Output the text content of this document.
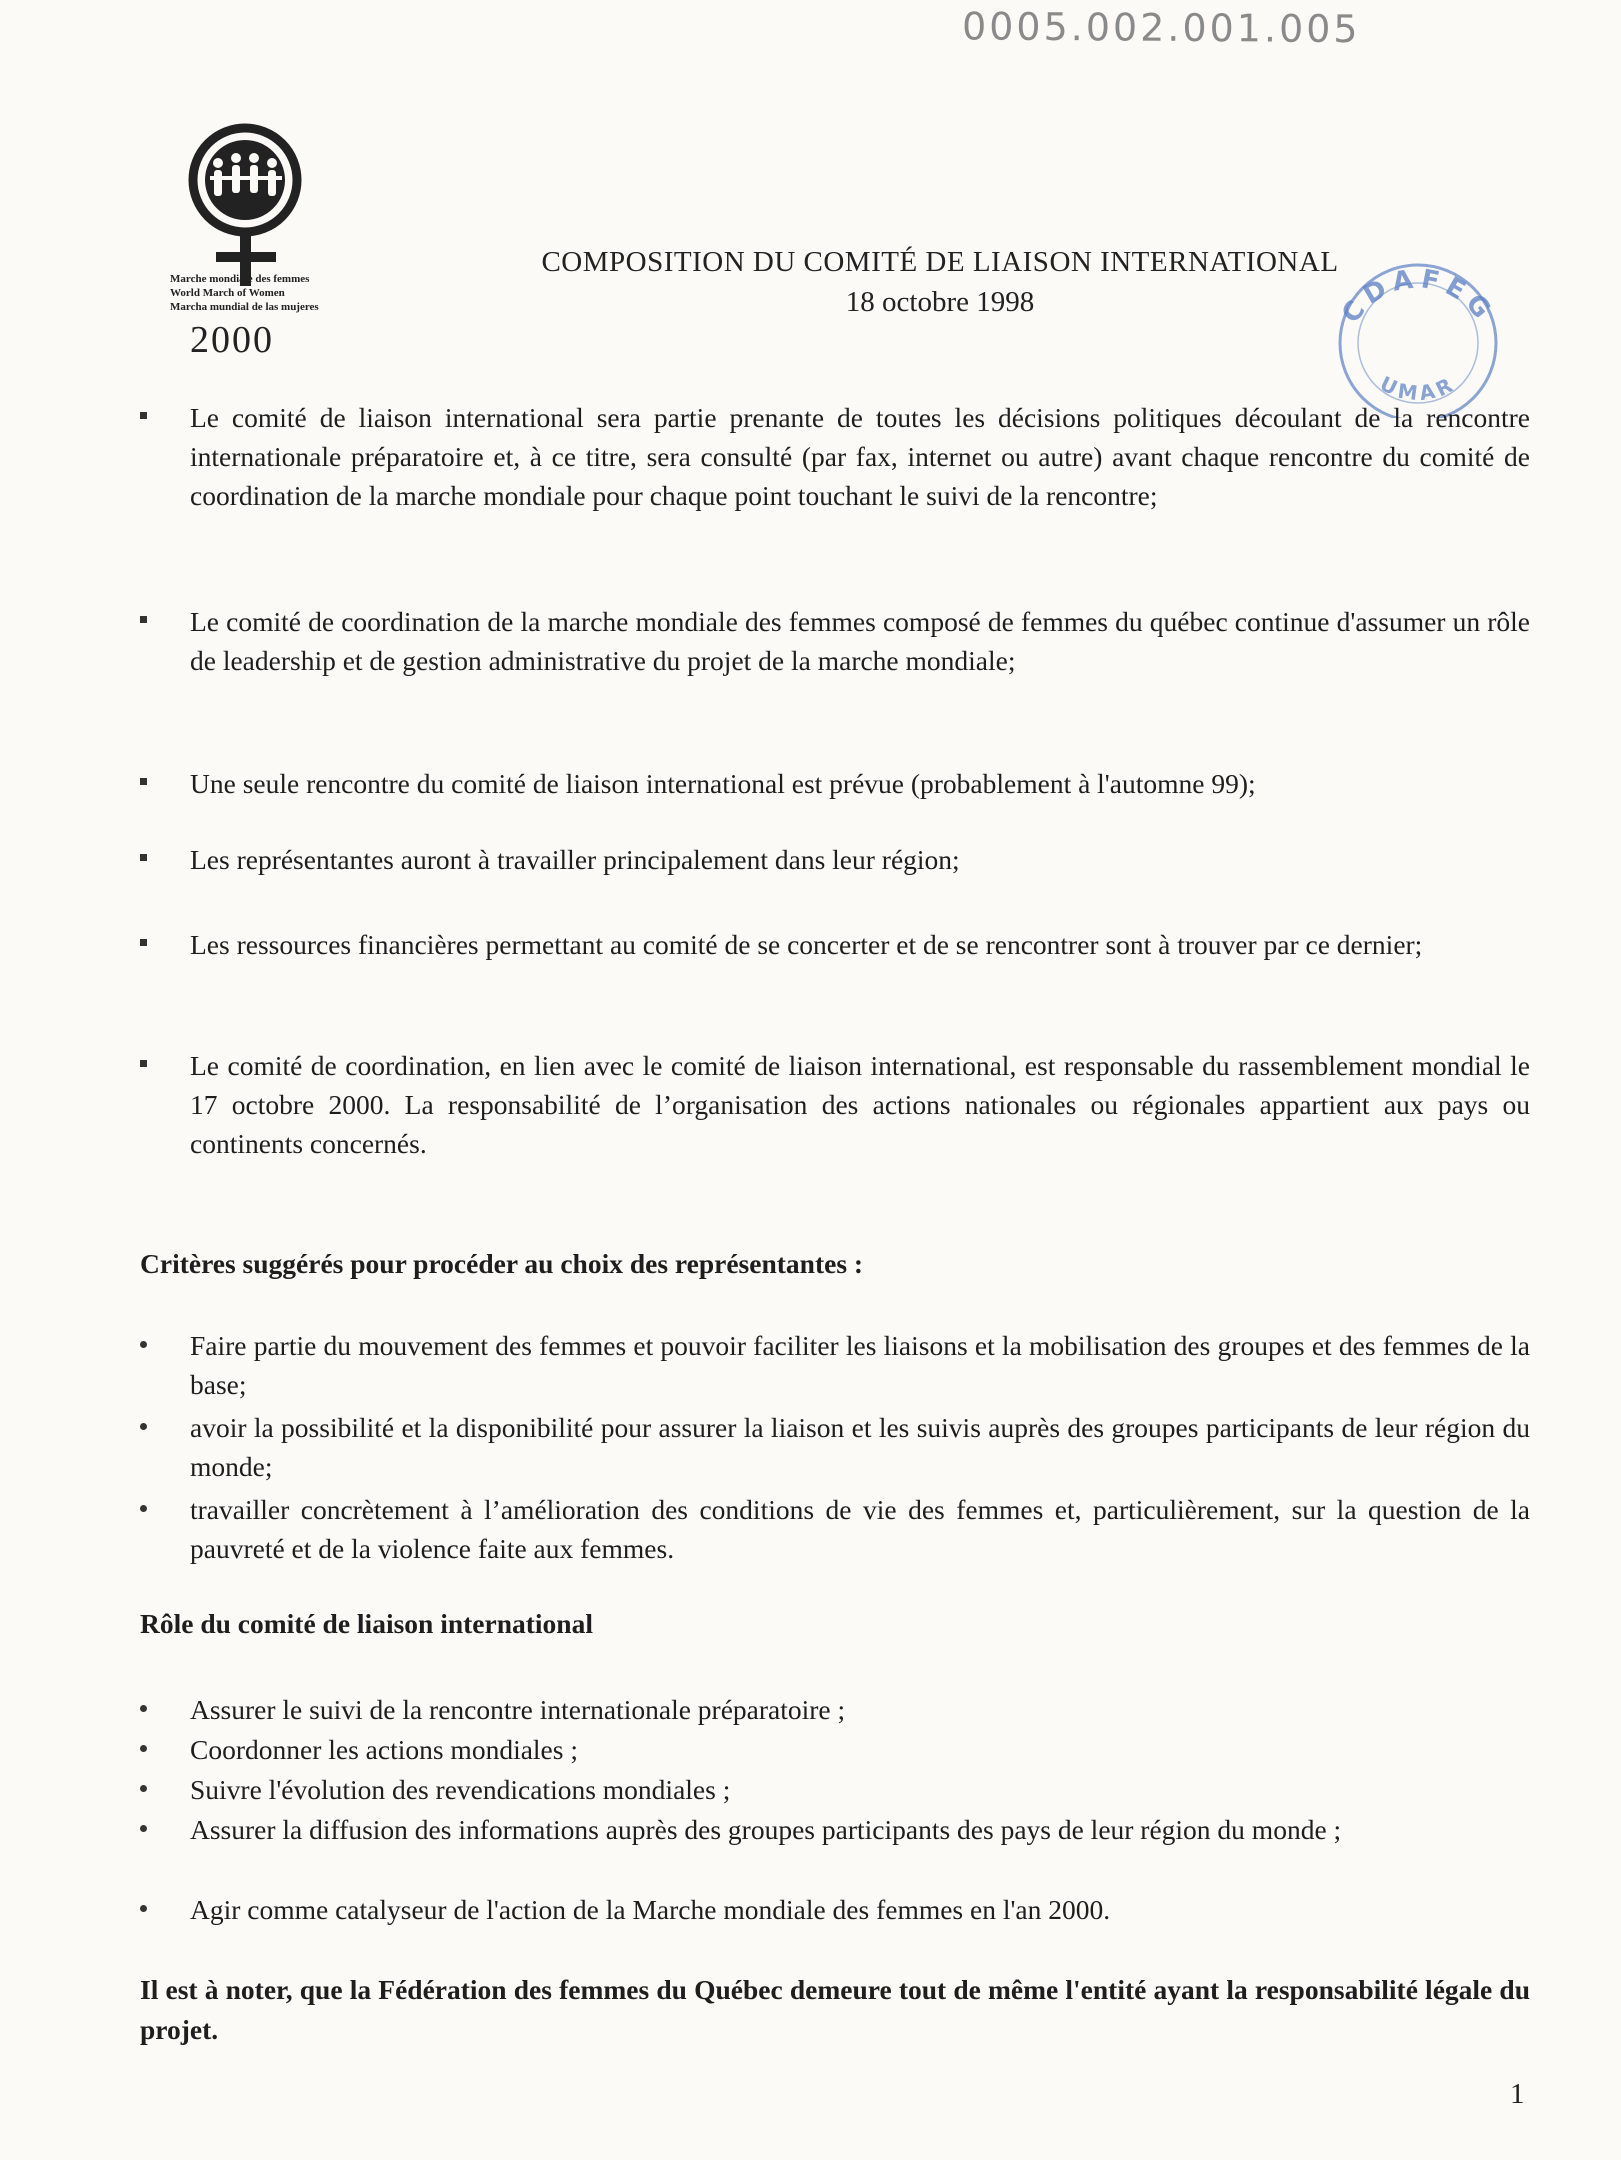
0005.002.001.005
Marche mondiale des femmes
World March of Women
Marcha mundial de las mujeres
2000
COMPOSITION DU COMITÉ DE LIAISON INTERNATIONAL
18 octobre 1998	CDAFEG
UMAR
Le comité de liaison international sera partie prenante de toutes les décisions politiques découlant de la rencontre internationale préparatoire et, à ce titre, sera consulté (par fax, internet ou autre) avant chaque rencontre du comité de coordination de la marche mondiale pour chaque point touchant le suivi de la rencontre;
Le comité de coordination de la marche mondiale des femmes composé de femmes du québec continue d'assumer un rôle de leadership et de gestion administrative du projet de la marche mondiale;
Une seule rencontre du comité de liaison international est prévue (probablement à l'automne 99);
Les représentantes auront à travailler principalement dans leur région;
Les ressources financières permettant au comité de se concerter et de se rencontrer sont à trouver par ce dernier;
Le comité de coordination, en lien avec le comité de liaison international, est responsable du rassemblement mondial le 17 octobre 2000. La responsabilité de l’organisation des actions nationales ou régionales appartient aux pays ou continents concernés.
Critères suggérés pour procéder au choix des représentantes :
Faire partie du mouvement des femmes et pouvoir faciliter les liaisons et la mobilisation des groupes et des femmes de la base;
avoir la possibilité et la disponibilité pour assurer la liaison et les suivis auprès des groupes participants de leur région du monde;
travailler concrètement à l’amélioration des conditions de vie des femmes et, particulièrement, sur la question de la pauvreté et de la violence faite aux femmes.
Rôle du comité de liaison international
Assurer le suivi de la rencontre internationale préparatoire ;
Coordonner les actions mondiales ;
Suivre l'évolution des revendications mondiales ;
Assurer la diffusion des informations auprès des groupes participants des pays de leur région du monde ;
Agir comme catalyseur de l'action de la Marche mondiale des femmes en l'an 2000.
Il est à noter, que la Fédération des femmes du Québec demeure tout de même l'entité ayant la responsabilité légale du projet.
1
